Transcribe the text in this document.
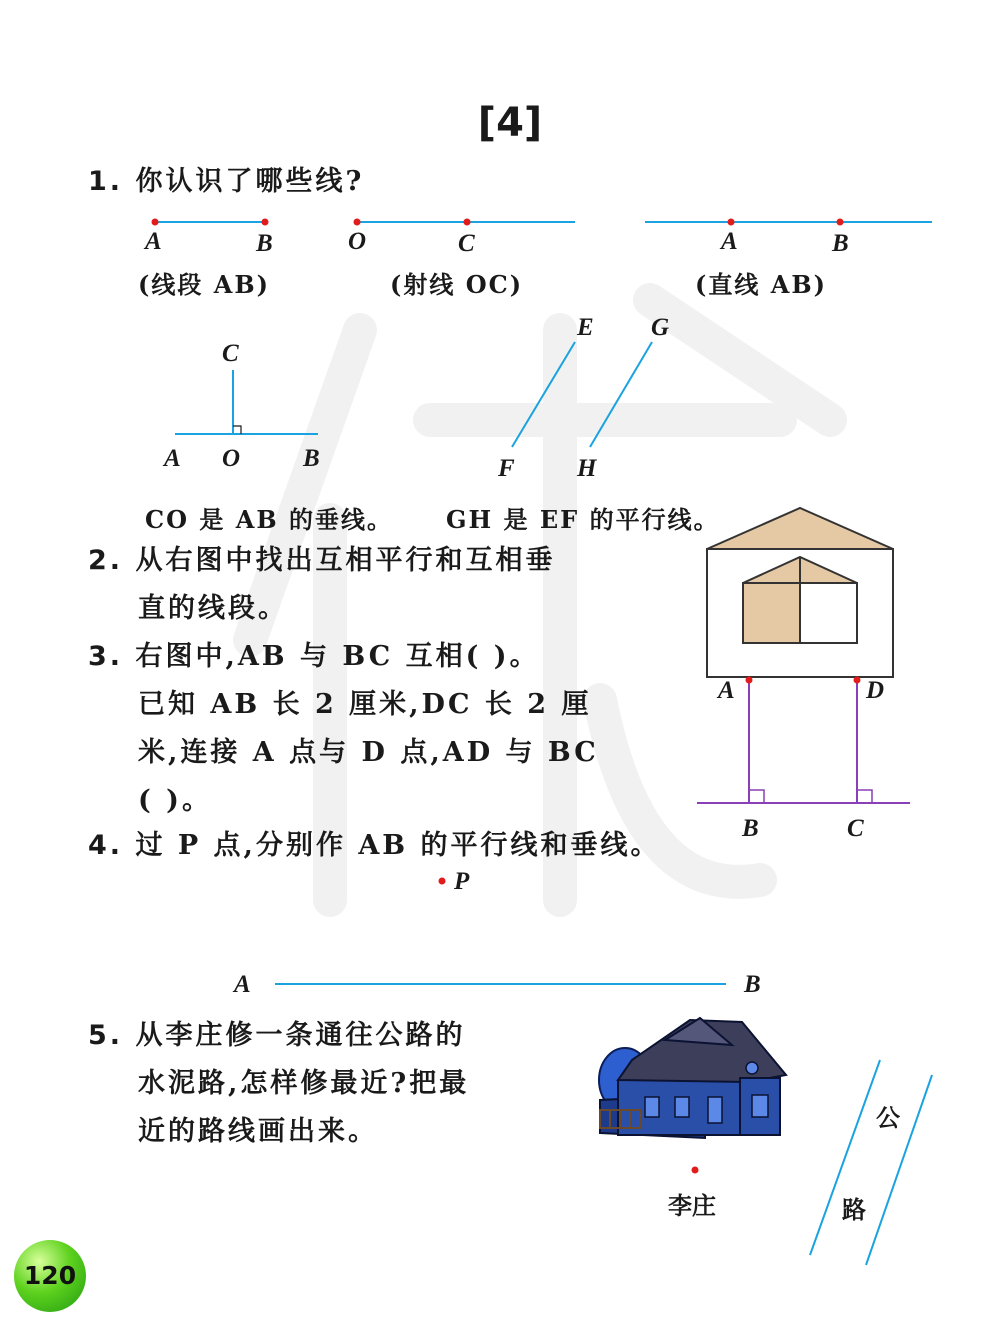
[4]
1. 你认识了哪些线?
A	B
(线段 AB)
O	C
(射线 OC)
A	B
(直线 AB)
C
A O	B
E G
F H
CO 是 AB 的垂线。 GH 是 EF 的平行线。
2. 从右图中找出互相平行和互相垂
直的线段。
3. 右图中,AB 与 BC 互相( )。
已知 AB 长 2 厘米,DC 长 2 厘
米,连接 A 点与 D 点,AD 与 BC
( )。
A	D
B	C
4. 过 P 点,分别作 AB 的平行线和垂线。
P
A	B
5. 从李庄修一条通往公路的
水泥路,怎样修最近?把最
近的路线画出来。
李庄
公
路
120
